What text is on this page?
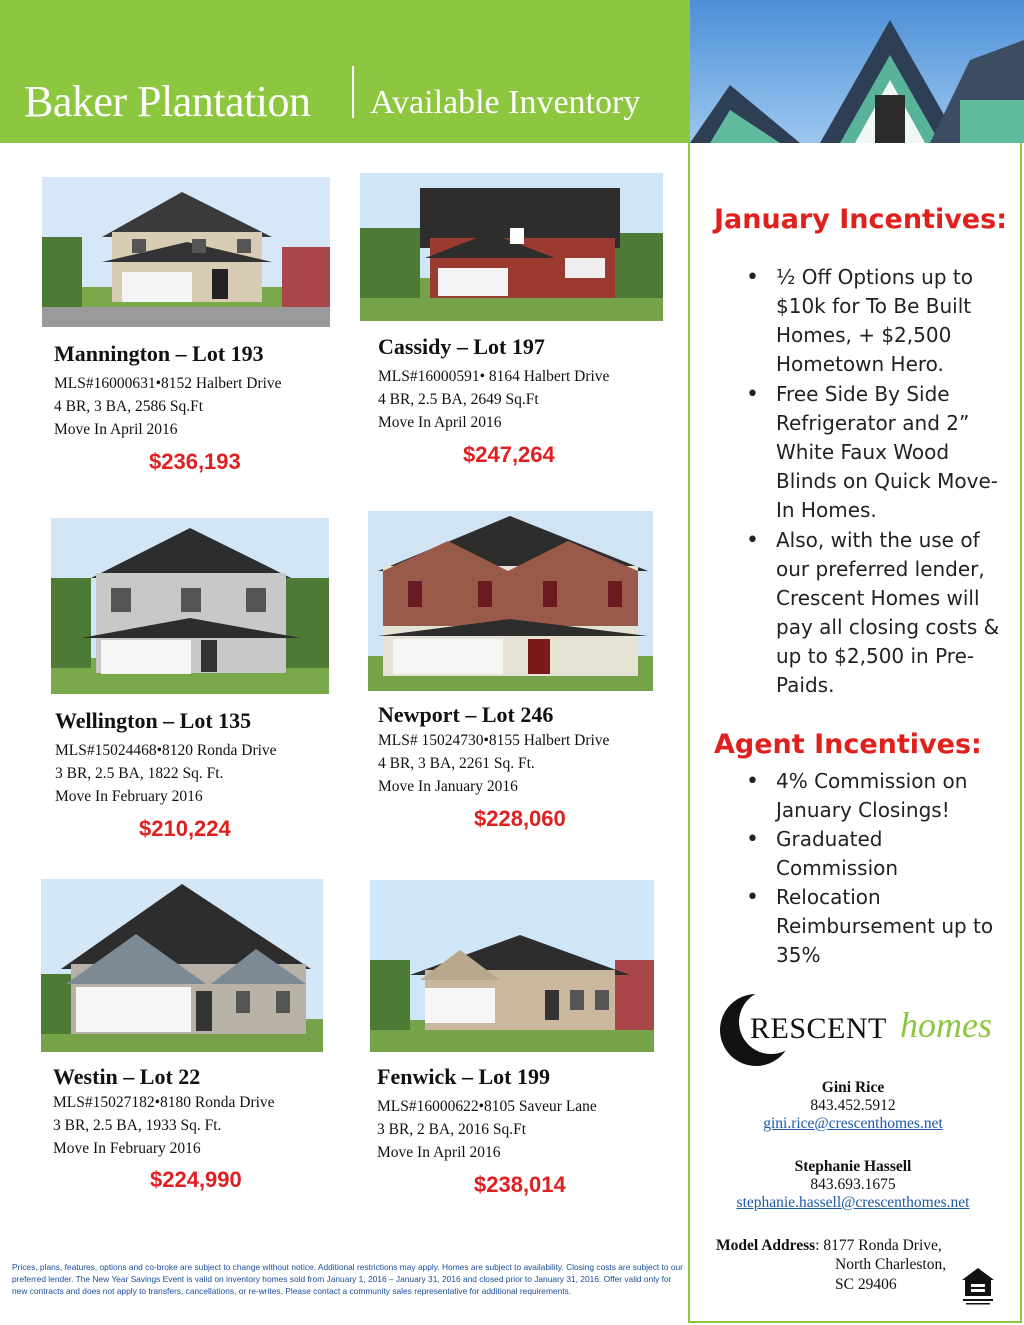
Baker Plantation Available Inventory
Mannington – Lot 193
MLS#16000631•8152 Halbert Drive
4 BR, 3 BA, 2586 Sq.Ft
Move In April 2016
$236,193
Cassidy – Lot 197
MLS#16000591• 8164 Halbert Drive
4 BR, 2.5 BA, 2649 Sq.Ft
Move In April 2016
$247,264
Wellington – Lot 135
MLS#15024468•8120 Ronda Drive
3 BR, 2.5 BA, 1822 Sq. Ft.
Move In February 2016
$210,224
Newport – Lot 246
MLS# 15024730•8155 Halbert Drive
4 BR, 3 BA, 2261 Sq. Ft.
Move In January 2016
$228,060
Westin – Lot 22
MLS#15027182•8180 Ronda Drive
3 BR, 2.5 BA, 1933 Sq. Ft.
Move In February 2016
$224,990
Fenwick – Lot 199
MLS#16000622•8105 Saveur Lane
3 BR, 2 BA, 2016 Sq.Ft
Move In April 2016
$238,014
January Incentives:
• ½ Off Options up to $10k for To Be Built Homes, + $2,500 Hometown Hero.
• Free Side By Side Refrigerator and 2” White Faux Wood Blinds on Quick Move-In Homes.
• Also, with the use of our preferred lender, Crescent Homes will pay all closing costs & up to $2,500 in Pre-Paids.
Agent Incentives:
• 4% Commission on January Closings!
• Graduated Commission
• Relocation Reimbursement up to 35%
RESCENT homes
Gini Rice
843.452.5912
gini.rice@crescenthomes.net
Stephanie Hassell
843.693.1675
stephanie.hassell@crescenthomes.net
Model Address: 8177 Ronda Drive,
North Charleston,
SC 29406
Prices, plans, features, options and co-broke are subject to change without notice. Additional restrictions may apply. Homes are subject to availability. Closing costs are subject to our preferred lender. The New Year Savings Event is valid on inventory homes sold from January 1, 2016 – January 31, 2016 and closed prior to January 31, 2016. Offer valid only for new contracts and does not apply to transfers, cancellations, or re-writes. Please contact a community sales representative for additional requirements.
